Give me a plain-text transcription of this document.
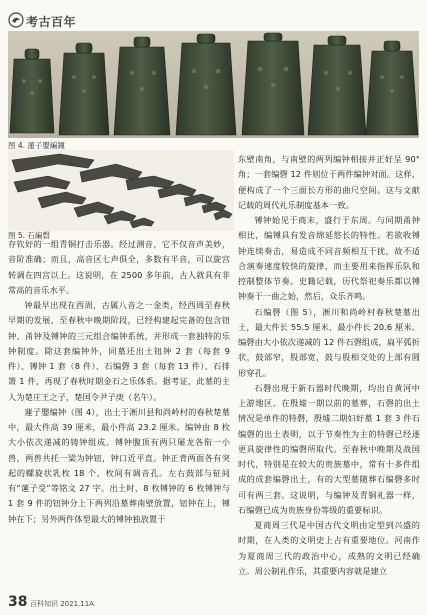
考古百年
图 4. 蓮子嬰編鐘
图 5. 石編磬

存钦好的一组青铜打击乐器。经过测音，它不仅音声美妙，音阶准确；而且，高音区七声俱全，多数有半音，可以旋宫转调在四宫以上。这说明，在 2500 多年前，古人就具有非常高的音乐水平。

钟最早出现在西周，古属八音之一金类，经西周至春秋早期的发展，至春秋中晚期阶段，已经构建起完备的包含钮钟、甬钟及镈钟的三元组合编钟系统，并形成一套独特的乐钟制度。除这套编钟外，同墓还出土钮钟 2 套（每套 9 件）、镈钟 1 套（8 件）、石编磬 3 套（每套 13 件）、石排箫 1 件，再现了春秋时期金石之乐体系。据考证，此墓的主人为楚庄王之子，楚国令尹子庚（名午）。

蓮子嬰编钟（图 4），出土于淅川县和尚岭村的春秋楚墓中，最大件高 39 厘米，最小件高 23.2 厘米。编钟由 8 枚大小依次递减的铸钟组成。镈钟腹顶有两只屡龙各衔一小兽，两兽共托一梁为钟钮，钟口近平直。钟正背两面各有突起的螺旋状乳枚 18 个，枚间有调音孔。左右鼓部与钲间有“蓮子受”等铭文 27 字。出土时，8 枚镈钟的 6 枚镈钟与 1 套 9 件的钮钟分上下两列沿墓葬南壁放置，钮钟在上，镈钟在下；另外两件体型最大的镈钟独放置于

东壁南角，与南壁的两列编钟相接并正好呈 90°角；一套编磬 12 件则位于两件编钟对面。这样，便构成了一个三面长方形的曲尺空间。这与文献记载的周代礼乐制度基本一致。

镈钟始见于商末，盛行于东周。与同期甬钟相比，编镈具有发音绵延悠长的特性。若欲收镈钟连续奏击，易造成不同音频相互干扰，故不适合演奏速度较快的旋律，而主要用来指挥乐队和控制整体节奏。史籍记载，历代祭祀奏乐都以镈钟奏于一曲之始，然后，众乐齐鸣。

石编磬（图 5），淅川和尚岭村春秋楚墓出土，最大件长 55.5 厘米，最小件长 20.6 厘米。编磬由大小依次递减的 12 件石磬组成，扁平弧折状，鼓部窄，股部宽，鼓与股相交处的上部有圆形穿孔。

石磬出现于新石器时代晚期，均出自黄河中上游地区。在殷墟一期以前的墓葬，石磬的出土情况是单件的特磬，殷墟二期妇好墓 1 套 3 件石编磬的出土表明，以于节奏性为主的特磬已经逐更具旋律性的编磬所取代。至春秋中晚期及战国时代，特别是在较大的贵族墓中，常有十多件组成的成套编磬出土，有的大型墓随葬石编磬多时可有两三套。这说明，与编钟及青铜礼器一样，石编磬已成为贵族身份等级的重要标识。

夏商周三代是中国古代文明由定型到兴盛的时期，在人类的文明史上占有重要地位。河南作为夏商周三代的政治中心，成熟的文明已经确立。周公制礼作乐，其重要内容就是建立

38 百科知识 2021.11A
